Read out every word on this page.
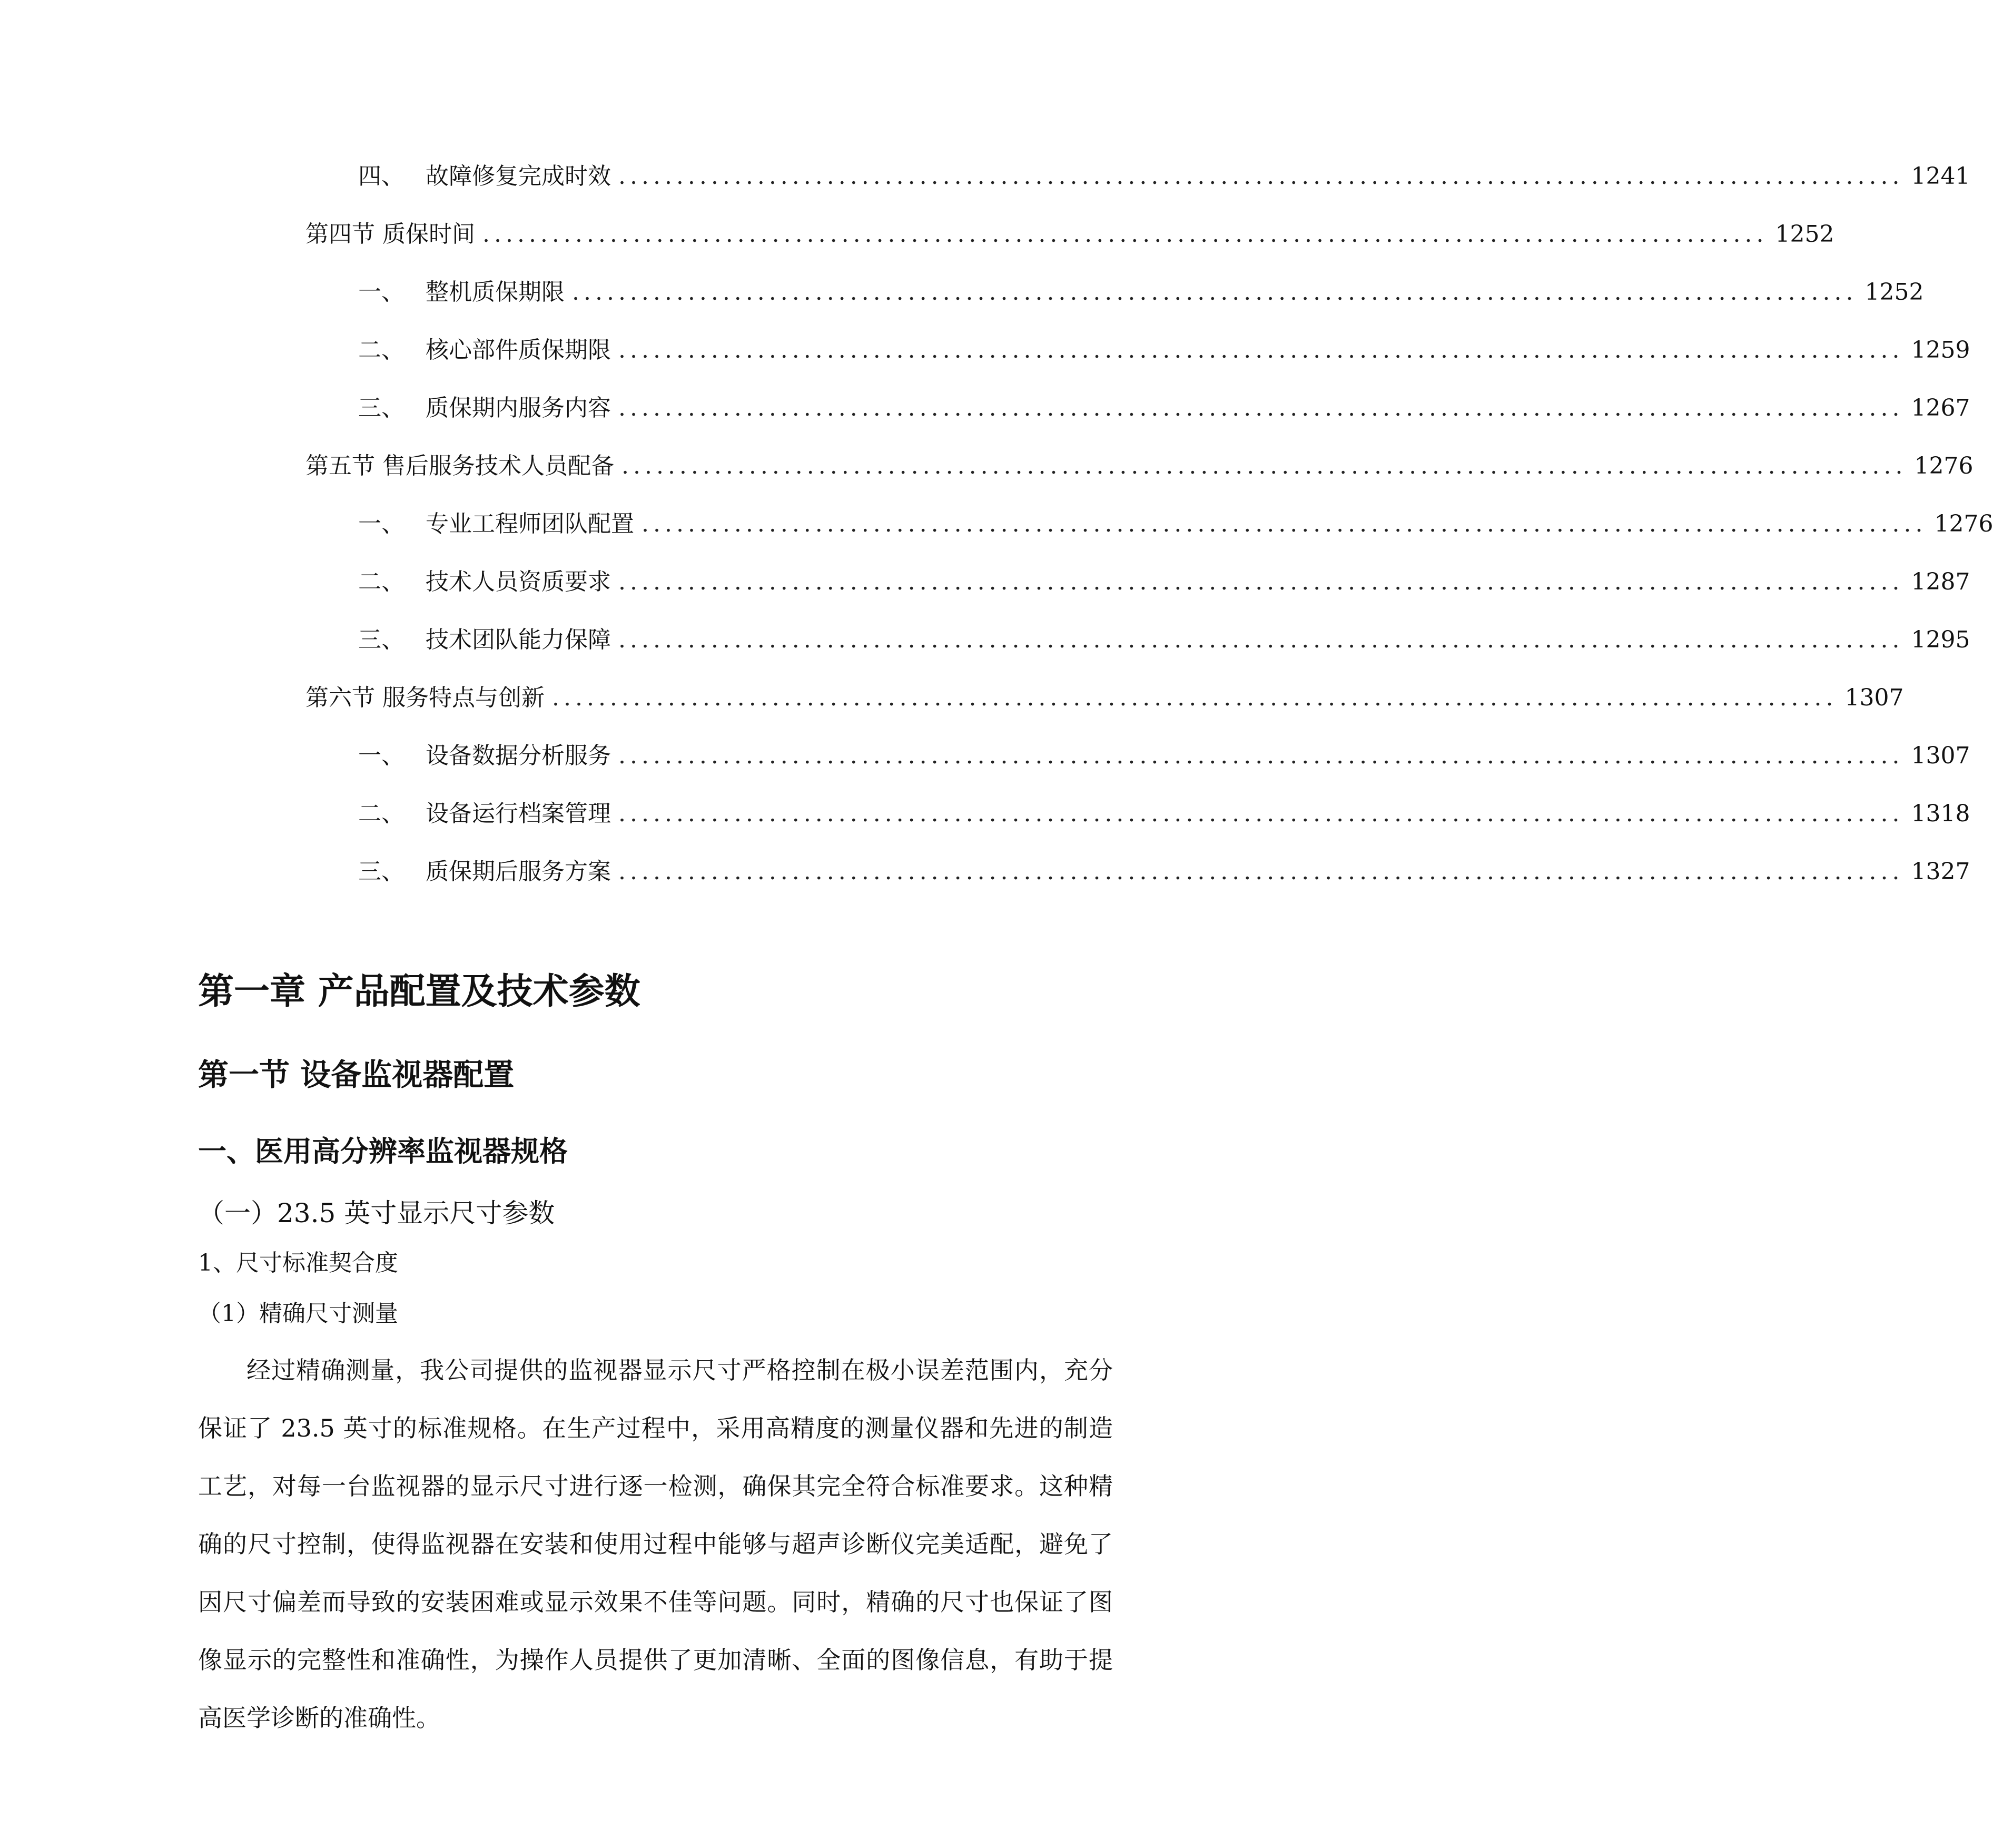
四、 故障修复完成时效 ............................................................................................................... 1241
第四节 质保时间 ............................................................................................................... 1252
一、 整机质保期限 ............................................................................................................... 1252
二、 核心部件质保期限 ............................................................................................................... 1259
三、 质保期内服务内容 ............................................................................................................... 1267
第五节 售后服务技术人员配备 ............................................................................................................... 1276
一、 专业工程师团队配置 ............................................................................................................... 1276
二、 技术人员资质要求 ............................................................................................................... 1287
三、 技术团队能力保障 ............................................................................................................... 1295
第六节 服务特点与创新 ............................................................................................................... 1307
一、 设备数据分析服务 ............................................................................................................... 1307
二、 设备运行档案管理 ............................................................................................................... 1318
三、 质保期后服务方案 ............................................................................................................... 1327
第一章 产品配置及技术参数
第一节 设备监视器配置
一、医用高分辨率监视器规格
（一）23.5 英寸显示尺寸参数
1、尺寸标准契合度
（1）精确尺寸测量

经过精确测量，我公司提供的监视器显示尺寸严格控制在极小误差范围内，充分保证了 23.5 英寸的标准规格。在生产过程中，采用高精度的测量仪器和先进的制造工艺，对每一台监视器的显示尺寸进行逐一检测，确保其完全符合标准要求。这种精确的尺寸控制，使得监视器在安装和使用过程中能够与超声诊断仪完美适配，避免了因尺寸偏差而导致的安装困难或显示效果不佳等问题。同时，精确的尺寸也保证了图像显示的完整性和准确性，为操作人员提供了更加清晰、全面的图像信息，有助于提高医学诊断的准确性。
